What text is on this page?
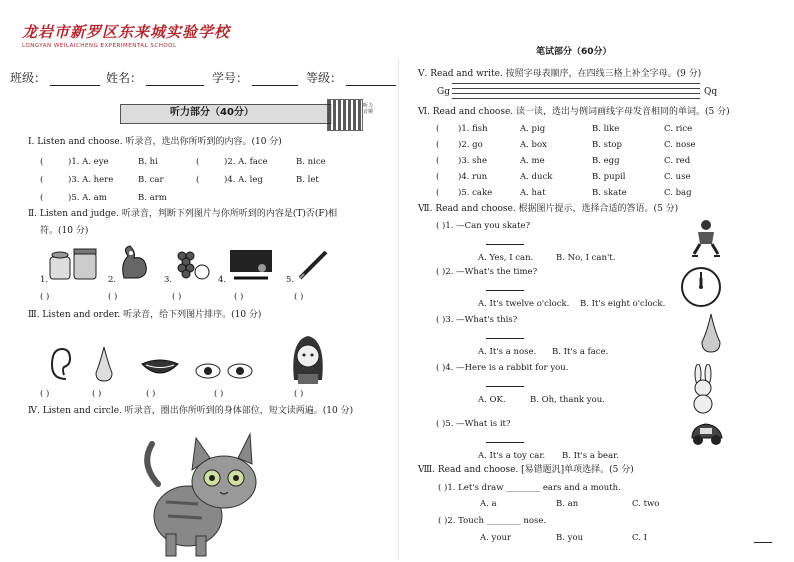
龙岩市新罗区东来城实验学校
LONGYAN WEILAICHENG EXPERIMENTAL SCHOOL
班级：	姓名：	学号：	等级：
听力部分（40分）
听力音频
Ⅰ. Listen and choose. 听录音，选出你所听到的内容。(10 分)
(	)1. A. eye	B. hi	(	)2. A. face	B. nice
(	)3. A. here	B. car	(	)4. A. leg	B. let
(	)5. A. am	B. arm
Ⅱ. Listen and judge. 听录音，判断下列图片与你所听到的内容是(T)否(F)相
符。(10 分)
1.	2.	3.	4.	5.
( )	( )	( )	( )	( )
Ⅲ. Listen and order. 听录音，给下列图片排序。(10 分)
( )	( )	( )	( )	( )
Ⅳ. Listen and circle. 听录音，圈出你所听到的身体部位，短文读两遍。(10 分)
笔试部分（60分）
Ⅴ. Read and write. 按照字母表顺序，在四线三格上补全字母。(9 分)
Gg	Qq
Ⅵ. Read and choose. 读一读，选出与例词画线字母发音相同的单词。(5 分)
( )1. fish	A. pig	B. like	C. rice
( )2. go	A. box	B. stop	C. nose
( )3. she	A. me	B. egg	C. red
( )4. run	A. duck	B. pupil	C. use
( )5. cake	A. hat	B. skate	C. bag
Ⅶ. Read and choose. 根据图片提示，选择合适的答语。(5 分)
( )1. —Can you skate?
A. Yes, I can.	B. No, I can't.
( )2. —What's the time?
A. It's twelve o'clock. B. It's eight o'clock.
( )3. —What's this?
A. It's a nose. B. It's a face.
( )4. —Here is a rabbit for you.
A. OK.	B. Oh, thank you.
( )5. —What is it?
A. It's a toy car. B. It's a bear.
Ⅷ. Read and choose. [易错题汎]单项选择。(5 分)
( )1. Let's draw ________ ears and a mouth.
A. a	B. an	C. two
( )2. Touch ________ nose.
A. your	B. you	C. I
